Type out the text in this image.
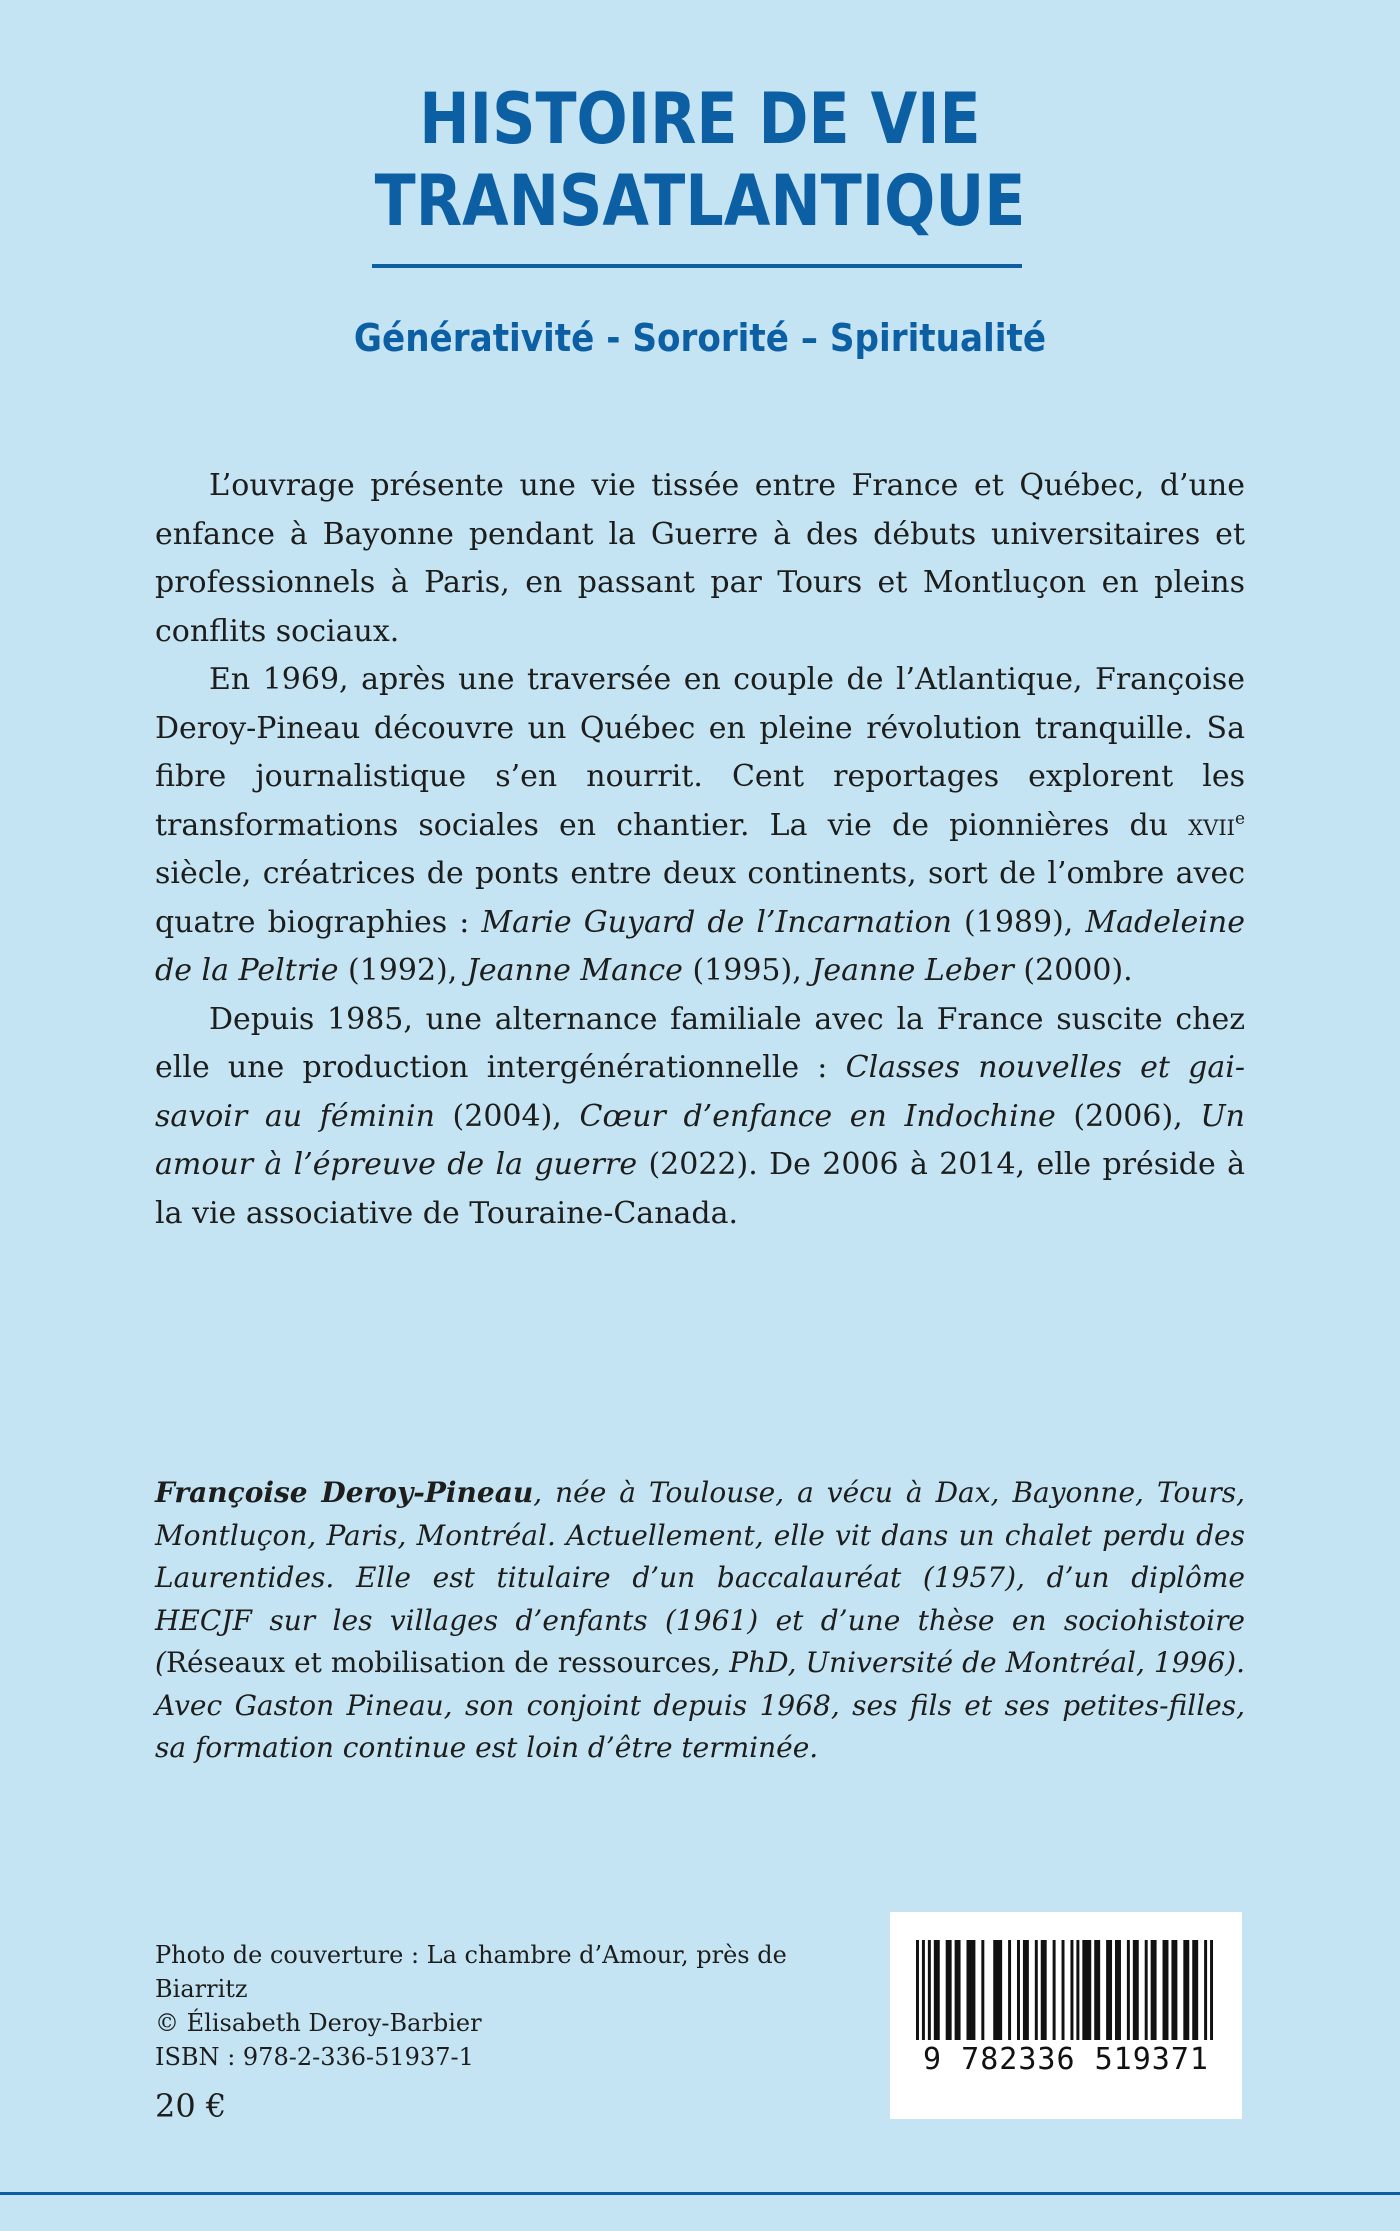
HISTOIRE DE VIE TRANSATLANTIQUE
Générativité - Sororité – Spiritualité

L’ouvrage présente une vie tissée entre France et Québec, d’une enfance à Bayonne pendant la Guerre à des débuts universitaires et professionnels à Paris, en passant par Tours et Montluçon en pleins conflits sociaux.

En 1969, après une traversée en couple de l’Atlantique, Françoise Deroy-Pineau découvre un Québec en pleine révolution tranquille. Sa fibre journalistique s’en nourrit. Cent reportages explorent les transformations sociales en chantier. La vie de pionnières du xvii$^e$ siècle, créatrices de ponts entre deux continents, sort de l’ombre avec quatre biographies : Marie Guyard de l’Incarnation (1989), Madeleine de la Peltrie (1992), Jeanne Mance (1995), Jeanne Leber (2000).

Depuis 1985, une alternance familiale avec la France suscite chez elle une production intergénérationnelle : Classes nouvelles et gai-savoir au féminin (2004), Cœur d’enfance en Indochine (2006), Un amour à l’épreuve de la guerre (2022). De 2006 à 2014, elle préside à la vie associative de Touraine-Canada.

Françoise Deroy-Pineau, née à Toulouse, a vécu à Dax, Bayonne, Tours, Montluçon, Paris, Montréal. Actuellement, elle vit dans un chalet perdu des Laurentides. Elle est titulaire d’un baccalauréat (1957), d’un diplôme HECJF sur les villages d’enfants (1961) et d’une thèse en sociohistoire (Réseaux et mobilisation de ressources, PhD, Université de Montréal, 1996). Avec Gaston Pineau, son conjoint depuis 1968, ses fils et ses petites-filles, sa formation continue est loin d’être terminée.

Photo de couverture : La chambre d’Amour, près de Biarritz
© Élisabeth Deroy-Barbier
ISBN : 978-2-336-51937-1
20 €
9 782336 519371
